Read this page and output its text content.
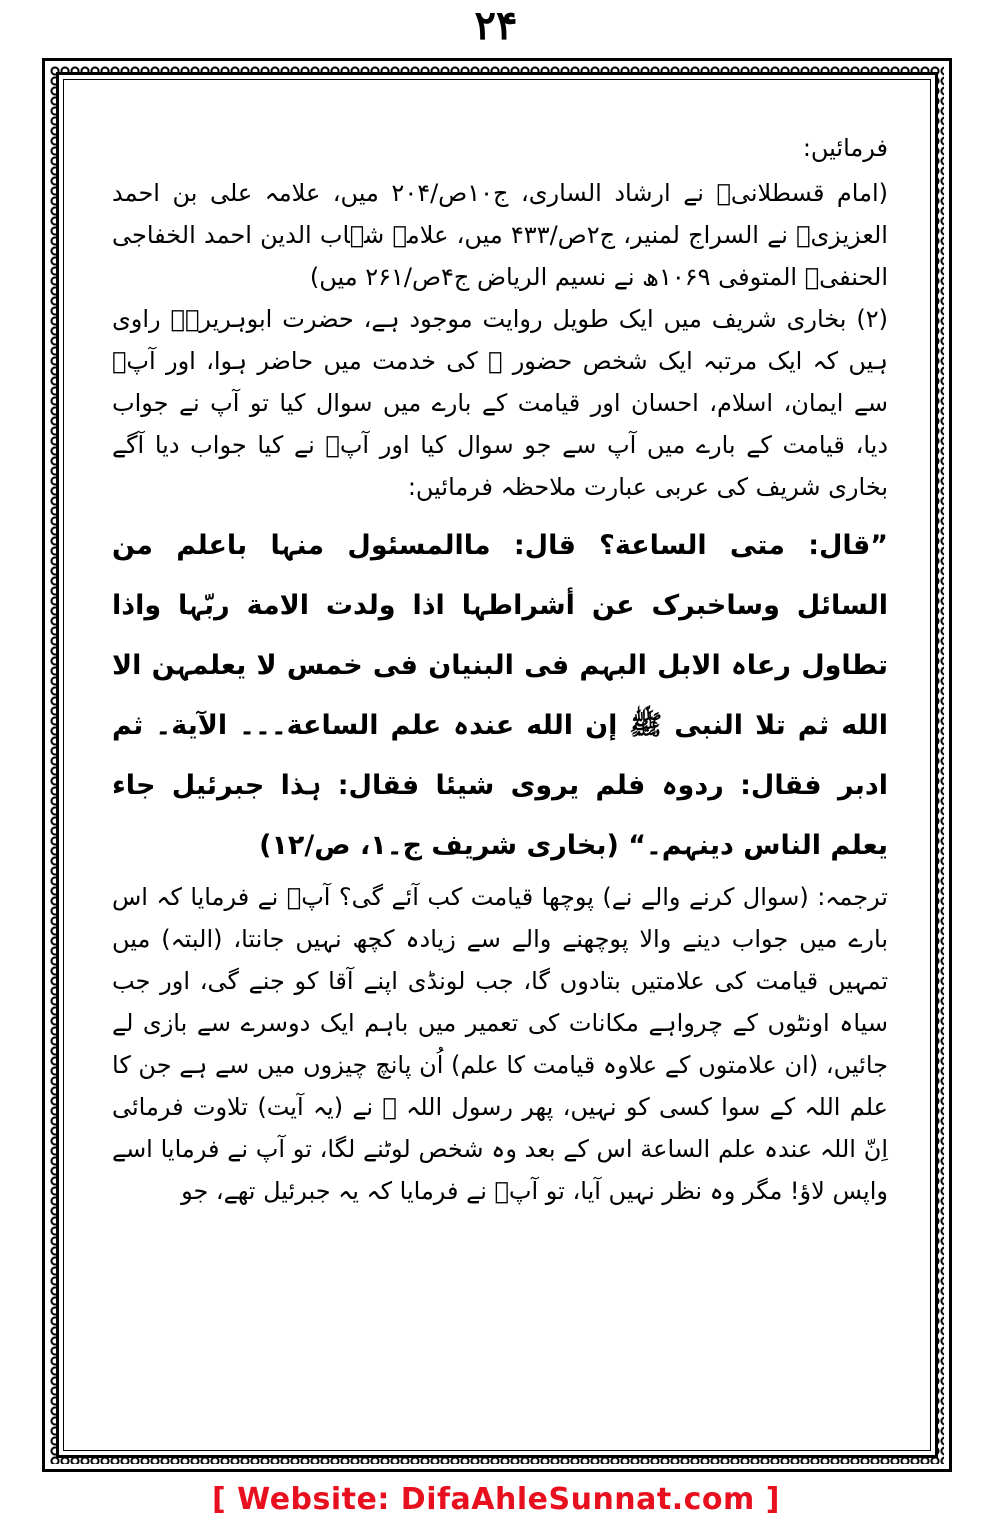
۲۴

فرمائیں:

(امام قسطلانیؒ نے ارشاد الساری، ج۱۰ص/۲۰۴ میں، علامہ علی بن احمد العزیزیؒ نے السراج لمنیر، ج۲ص/۴۳۳ میں، علامہ شہاب الدین احمد الخفاجی الحنفیؒ المتوفی ۱۰۶۹ھ نے نسیم الریاض ج۴ص/۲۶۱ میں)

(۲) بخاری شریف میں ایک طویل روایت موجود ہے، حضرت ابوہریرہؓ راوی ہیں کہ ایک مرتبہ ایک شخص حضور ﷺ کی خدمت میں حاضر ہوا، اور آپؐ سے ایمان، اسلام، احسان اور قیامت کے بارے میں سوال کیا تو آپ نے جواب دیا، قیامت کے بارے میں آپ سے جو سوال کیا اور آپؐ نے کیا جواب دیا آگے بخاری شریف کی عربی عبارت ملاحظہ فرمائیں:

”قال: متی الساعة؟ قال: ماالمسئول منہا باعلم من السائل وساخبرک عن أشراطہا اذا ولدت الامة ربّہا واذا تطاول رعاہ الابل البہم فی البنیان فی خمس لا یعلمہن الا الله ثم تلا النبی ﷺ إن الله عندہ علم الساعة۔۔۔ الآیة۔ ثم ادبر فقال: ردوہ فلم یروی شیئا فقال: ہذا جبرئیل جاء یعلم الناس دینہم۔“ (بخاری شریف ج۔۱، ص/۱۲)

ترجمہ: (سوال کرنے والے نے) پوچھا قیامت کب آئے گی؟ آپؐ نے فرمایا کہ اس بارے میں جواب دینے والا پوچھنے والے سے زیادہ کچھ نہیں جانتا، (البتہ) میں تمہیں قیامت کی علامتیں بتادوں گا، جب لونڈی اپنے آقا کو جنے گی، اور جب سیاہ اونٹوں کے چرواہے مکانات کی تعمیر میں باہم ایک دوسرے سے بازی لے جائیں، (ان علامتوں کے علاوہ قیامت کا علم) اُن پانچ چیزوں میں سے ہے جن کا علم اللہ کے سوا کسی کو نہیں، پھر رسول اللہ ﷺ نے (یہ آیت) تلاوت فرمائی اِنّ اللہ عندہ علم الساعة اس کے بعد وہ شخص لوٹنے لگا، تو آپ نے فرمایا اسے واپس لاؤ! مگر وہ نظر نہیں آیا، تو آپؐ نے فرمایا کہ یہ جبرئیل تھے، جو

[ Website: DifaAhleSunnat.com ]
